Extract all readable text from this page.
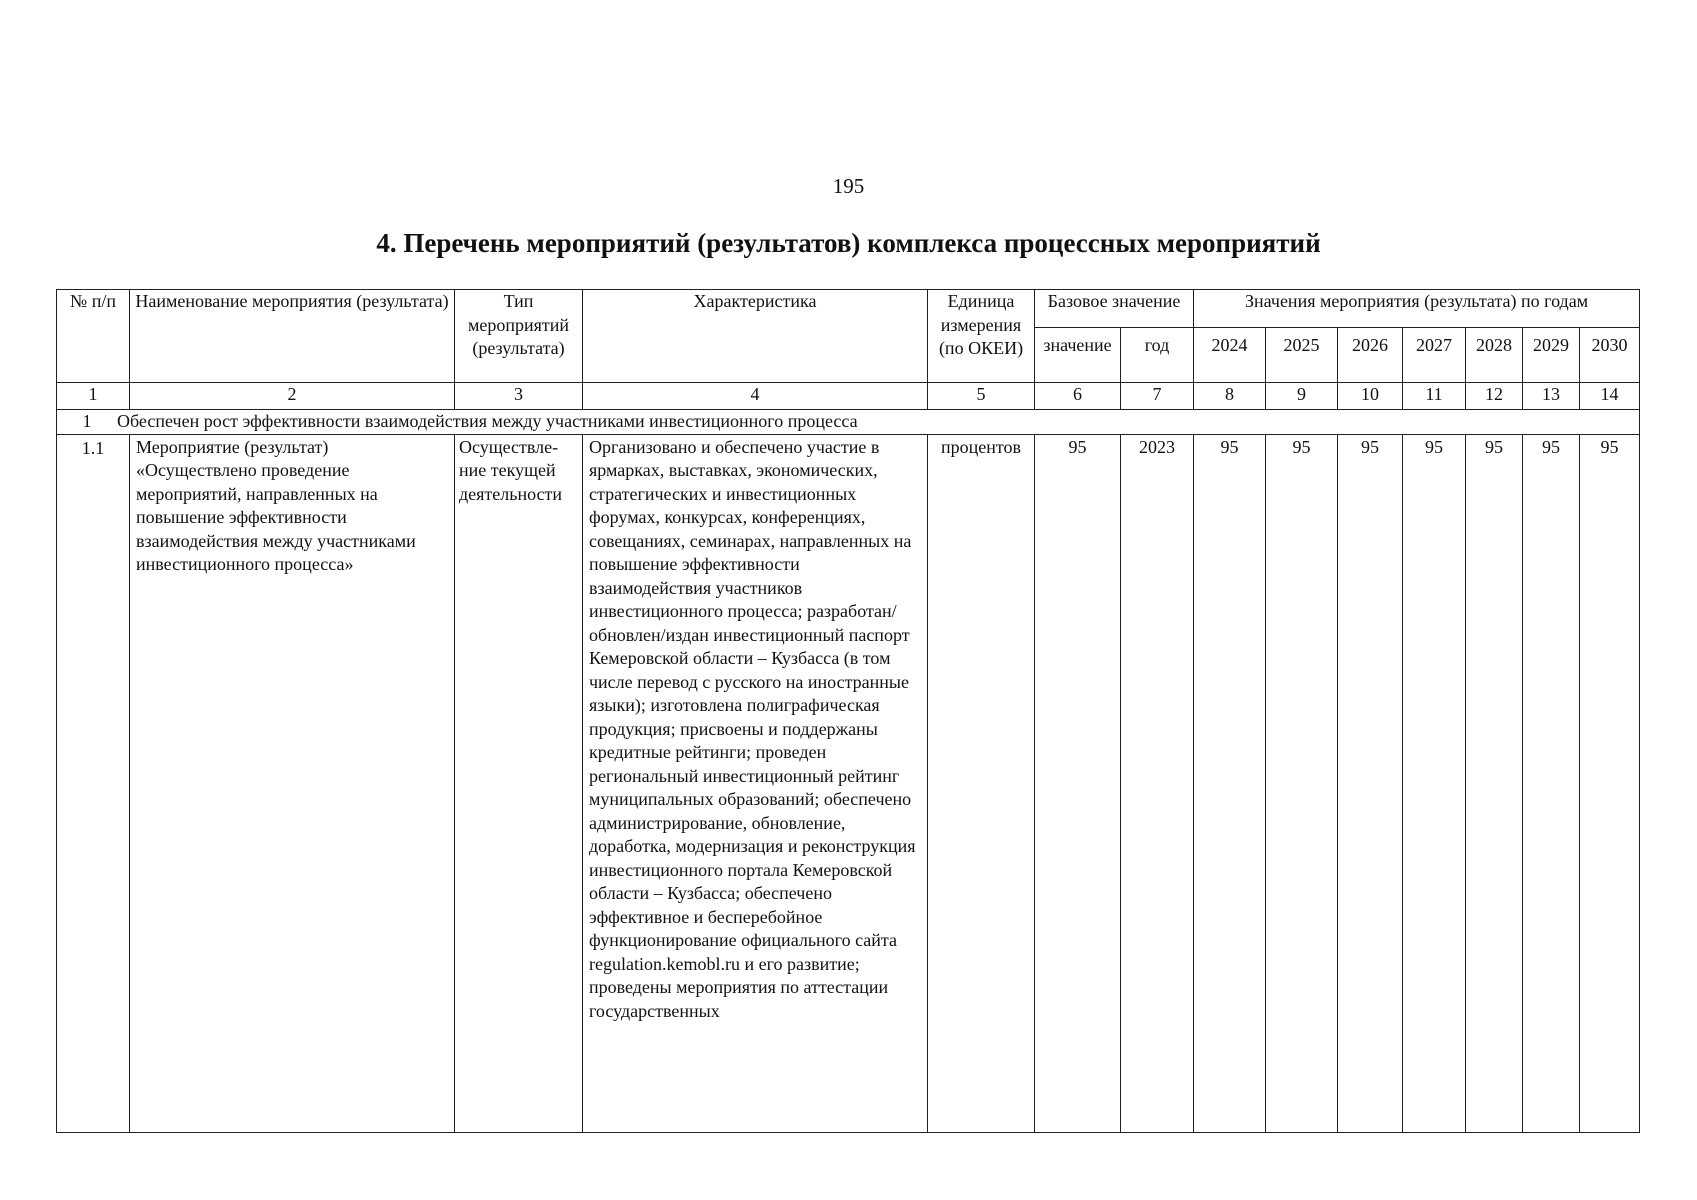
195
4. Перечень мероприятий (результатов) комплекса процессных мероприятий
№ п/п	Наименование мероприятия (результата)	Тип мероприятий (результата)	Характеристика	Единица измерения (по ОКЕИ)	Базовое значение		Значения мероприятия (результата) по годам						
					значение	год	2024	2025	2026	2027	2028	2029	2030
1	2	3	4	5	6	7	8	9	10	11	12	13	14
1 Обеспечен рост эффективности взаимодействия между участниками инвестиционного процесса													
1.1	Мероприятие (результат) «Осуществлено проведение мероприятий, направленных на повышение эффективности взаимодействия между участниками инвестиционного процесса»	Осуществле-ние текущей деятельности	Организовано и обеспечено участие в ярмарках, выставках, экономических, стратегических и инвестиционных форумах, конкурсах, конференциях, совещаниях, семинарах, направленных на повышение эффективности взаимодействия участников инвестиционного процесса; разработан/обновлен/издан инвестиционный паспорт Кемеровской области – Кузбасса (в том числе перевод с русского на иностранные языки); изготовлена полиграфическая продукция; присвоены и поддержаны кредитные рейтинги; проведен региональный инвестиционный рейтинг муниципальных образований; обеспечено администрирование, обновление, доработка, модернизация и реконструкция инвестиционного портала Кемеровской области – Кузбасса; обеспечено эффективное и бесперебойное функционирование официального сайта regulation.kemobl.ru и его развитие; проведены мероприятия по аттестации государственных	процентов	95	2023	95	95	95	95	95	95	95
